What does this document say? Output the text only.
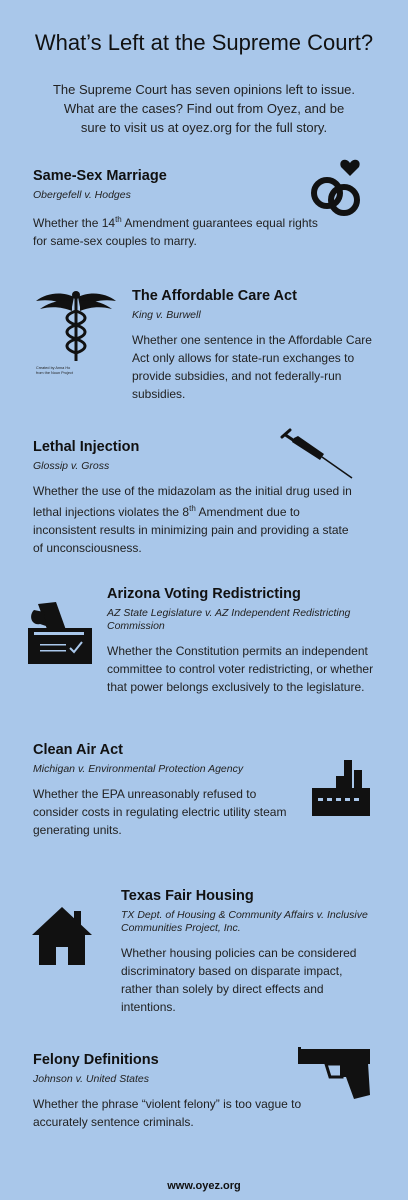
What’s Left at the Supreme Court?
The Supreme Court has seven opinions left to issue.
What are the cases? Find out from Oyez, and be
sure to visit us at oyez.org for the full story.
Same-Sex Marriage
Obergefell v. Hodges
Whether the 14th Amendment guarantees equal rights for same-sex couples to marry.
The Affordable Care Act
King v. Burwell
Whether one sentence in the Affordable Care Act only allows for state-run exchanges to provide subsidies, and not federally-run subsidies.
Created by Anna Ho
from the Noun Project
Lethal Injection
Glossip v. Gross
Whether the use of the midazolam as the initial drug used in lethal injections violates the 8th Amendment due to inconsistent results in minimizing pain and providing a state of unconsciousness.
Arizona Voting Redistricting
AZ State Legislature v. AZ Independent Redistricting Commission
Whether the Constitution permits an independent committee to control voter redistricting, or whether that power belongs exclusively to the legislature.
Clean Air Act
Michigan v. Environmental Protection Agency
Whether the EPA unreasonably refused to consider costs in regulating electric utility steam generating units.
Texas Fair Housing
TX Dept. of Housing & Community Affairs v. Inclusive Communities Project, Inc.
Whether housing policies can be considered discriminatory based on disparate impact, rather than solely by direct effects and intentions.
Felony Definitions
Johnson v. United States
Whether the phrase “violent felony” is too vague to accurately sentence criminals.
www.oyez.org
